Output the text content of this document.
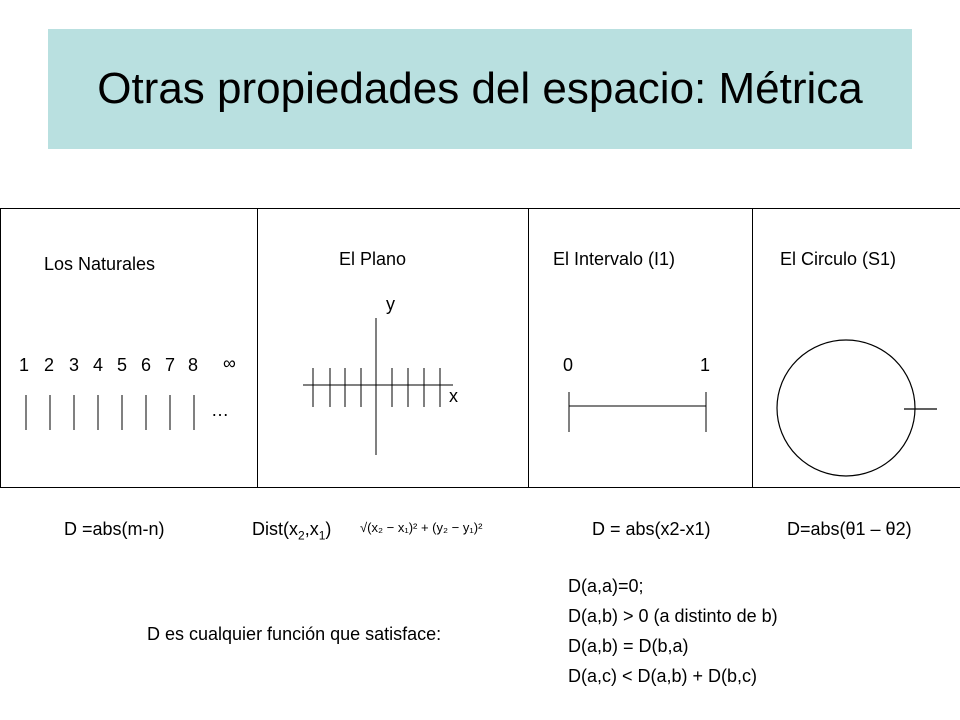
Otras propiedades del espacio: Métrica
Los Naturales	El Plano	El Intervalo (I1)	El Circulo (S1)
1 2 3 4 5 6 7 8 ∞
…
y
x
0	1
D =abs(m-n)	$Dist(x_2,x_1) √(x_2 - x_1)^2 + (y_2 - y_1)^2$	D = abs(x2-x1)	D=abs(θ1 – θ2)
D es cualquier función que satisface:
D(a,a)=0;
D(a,b) > 0 (a distinto de b)
D(a,b) = D(b,a)
D(a,c) < D(a,b) + D(b,c)
